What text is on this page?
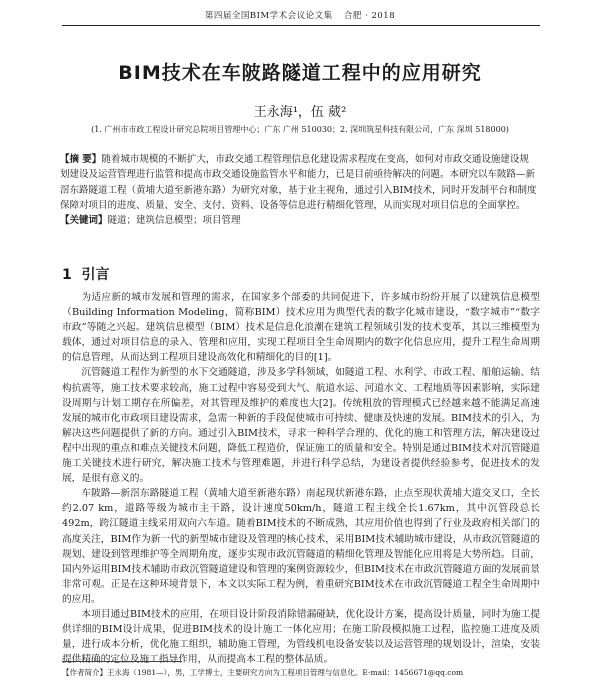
第四届全国BIM学术会议论文集 合肥 · 2018
BIM技术在车陂路隧道工程中的应用研究
王永海¹，伍 葳²
(1. 广州市市政工程设计研究总院项目管理中心；广东 广州 510030；2. 深圳筑星科技有限公司，广东 深圳 518000)
【摘 要】随着城市规模的不断扩大，市政交通工程管理信息化建设需求程度在变高，如何对市政交通设施建设规划建设及运营管理进行监管和提高市政交通设施监管水平和能力，已是目前亟待解决的问题。本研究以车陂路—新滘东路隧道工程（黄埔大道至新港东路）为研究对象，基于业主视角，通过引入BIM技术，同时开发制平台和制度保障对项目的进度、质量、安全、支付、资料、设备等信息进行精细化管理，从而实现对项目信息的全面掌控。
【关键词】隧道；建筑信息模型；项目管理
1 引言

为适应新的城市发展和管理的需求，在国家多个部委的共同促进下，许多城市纷纷开展了以建筑信息模型（Building Information Modeling，简称BIM）技术应用为典型代表的数字化城市建设，“数字城市”“数字市政”等随之兴起。建筑信息模型（BIM）技术是信息化浪潮在建筑工程领域引发的技术变革，其以三维模型为载体，通过对项目信息的录入、管理和应用，实现工程项目全生命周期内的数字化信息应用，提升工程生命周期的信息管理，从而达到工程项目建设高效化和精细化的目的[1]。

沉管隧道工程作为新型的水下交通隧道，涉及多学科领域，如隧道工程、水利学、市政工程、船舶运输、结构抗震等，施工技术要求较高，施工过程中容易受到大气、航道水运、河道水文、工程地质等因素影响，实际建设周期与计划工期存在所偏差，对其管理及维护的难度也大[2]。传统粗放的管理模式已经越来越不能满足高速发展的城市化市政项目建设需求，急需一种新的手段促使城市可持续、健康及快速的发展。BIM技术的引入，为解决这些问题提供了新的方向。通过引入BIM技术，寻求一种科学合理的、优化的施工和管理方法，解决建设过程中出现的重点和难点关键技术问题，降低工程造价，保证施工的质量和安全。特别是通过BIM技术对沉管隧道施工关键技术进行研究，解决施工技术与管理难题，并进行科学总结，为建设者提供经验参考，促进技术的发展，是很有意义的。

车陂路—新滘东路隧道工程（黄埔大道至新港东路）南起现状新港东路，止点至现状黄埔大道交叉口，全长约2.07 km，道路等级为城市主干路，设计速度50km/h，隧道工程主线全长1.67km，其中沉管段总长492m，跨江隧道主线采用双向六车道。随着BIM技术的不断成熟，其应用价值也得到了行业及政府相关部门的高度关注，BIM作为新一代的新型城市建设及管理的核心技术，采用BIM技术辅助城市建设，从市政沉管隧道的规划、建设到管理维护等全周期角度，逐步实现市政沉管隧道的精细化管理及智能化应用将是大势所趋。目前，国内外运用BIM技术辅助市政沉管隧道建设和管理的案例资源较少，但BIM技术在市政沉管隧道方面的发展前景非常可观。正是在这种环境背景下，本文以实际工程为例，着重研究BIM技术在市政沉管隧道工程全生命周期中的应用。

本项目通过BIM技术的应用，在项目设计阶段消除错漏碰缺，优化设计方案，提高设计质量，同时为施工提供详细的BIM设计成果，促进BIM技术的设计施工一体化应用；在施工阶段模拟施工过程，监控施工进度及质量，进行成本分析，优化施工组织，辅助施工管理，为管线机电设备安装以及运营管理的规划设计，渲染，安装提供精确的定位及施工指导作用，从而提高本工程的整体品质。

【作者简介】王永海（1981—），男，工学博士，主要研究方向为工程项目管理与信息化。E-mail：1456671@qq.com
